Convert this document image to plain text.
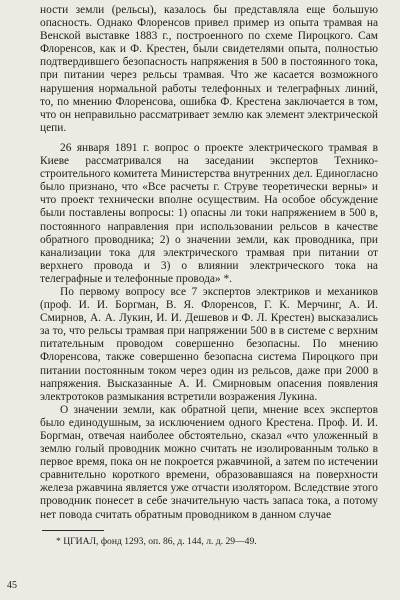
ности земли (рельсы), казалось бы представляла еще большую опасность. Однако Флоренсов привел пример из опыта трамвая на Венской выставке 1883 г., построенного по схеме Пироцкого. Сам Флоренсов, как и Ф. Крестен, были свидетелями опыта, полностью подтвердившего безопасность напряжения в 500 в постоянного тока, при питании через рельсы трамвая. Что же касается возможного нарушения нормальной работы телефонных и телеграфных линий, то, по мнению Флоренсова, ошибка Ф. Крестена заключается в том, что он неправильно рассматривает землю как элемент электрической цепи.

26 января 1891 г. вопрос о проекте электрического трамвая в Киеве рассматривался на заседании экспертов Технико-строительного комитета Министерства внутренних дел. Единогласно было признано, что «Все расчеты г. Струве теоретически верны» и что проект технически вполне осуществим. На особое обсуждение были поставлены вопросы: 1) опасны ли токи напряжением в 500 в, постоянного направления при использовании рельсов в качестве обратного проводника; 2) о значении земли, как проводника, при канализации тока для электрического трамвая при питании от верхнего провода и 3) о влиянии электрического тока на телеграфные и телефонные провода» *.

По первому вопросу все 7 экспертов электриков и механиков (проф. И. И. Боргман, В. Я. Флоренсов, Г. К. Мерчинг, А. И. Смирнов, А. А. Лукин, И. И. Дешевов и Ф. Л. Крестен) высказались за то, что рельсы трамвая при напряжении 500 в в системе с верхним питательным проводом совершенно безопасны. По мнению Флоренсова, также совершенно безопасна система Пироцкого при питании постоянным током через один из рельсов, даже при 2000 в напряжения. Высказанные А. И. Смирновым опасения появления электротоков размыкания встретили возражения Лукина.

О значении земли, как обратной цепи, мнение всех экспертов было единодушным, за исключением одного Крестена. Проф. И. И. Боргман, отвечая наиболее обстоятельно, сказал «что уложенный в землю голый проводник можно считать не изолированным только в первое время, пока он не покроется ржавчиной, а затем по истечении сравнительно короткого времени, образовавшаяся на поверхности железа ржавчина является уже отчасти изолятором. Вследствие этого проводник понесет в себе значительную часть запаса тока, а потому нет повода считать обратным проводником в данном случае

* ЦГИАЛ, фонд 1293, оп. 86, д. 144, л. д. 29—49.

45
